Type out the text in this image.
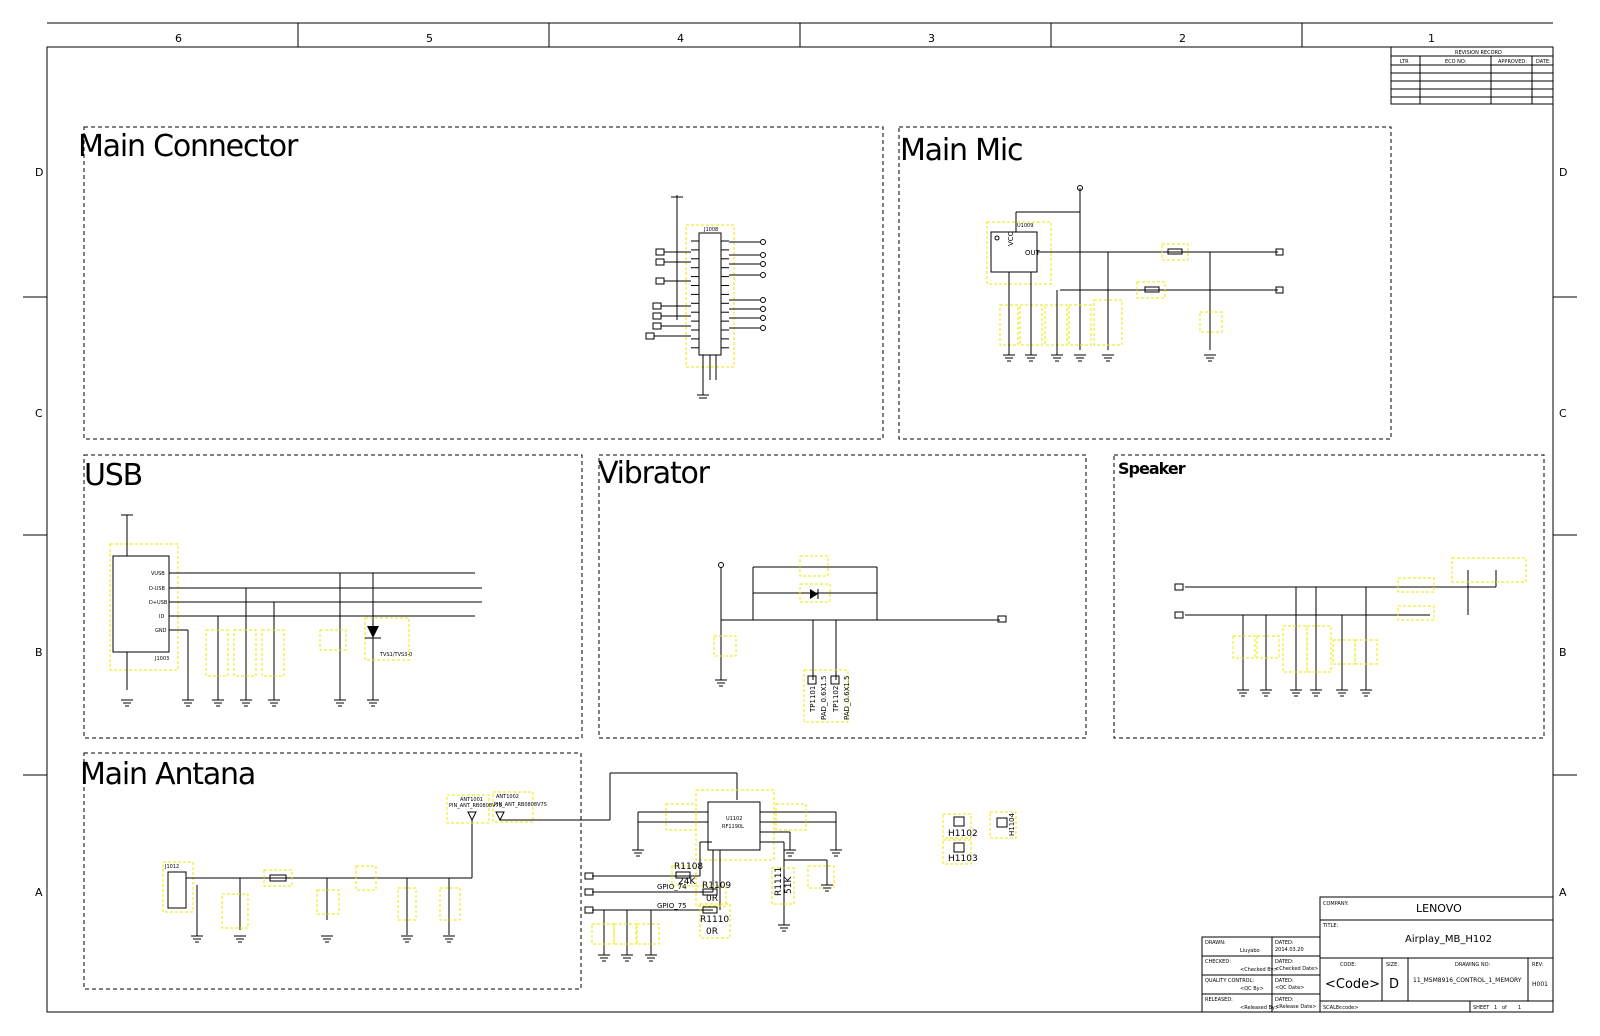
6	5	4	3	2	1
D
C
B
A
D
C
B
A
REVISION RECORD
LTR	ECO NO:	APPROVED: DATE:
Main Connector
J1008
Main Mic
U1009
VCC
OUT
USB
J1003
VUSB
D-USB
D+USB
ID
GND
TVS1/TVS3-0
Vibrator
TP1101 TP1102
PAD_0.6X1.5 PAD_0.6X1.5
Speaker
Main Antana
J1012
ANT1001	ANT1002
PIN_ANT_RB0808V7S
PIN_ANT_RB0808V7S
U1102
RF1190L
R1108
24K R1109
0R
R1110
0R
R1111 51K
GPIO_74
GPIO_75
H1102
H1103
H1104
COMPANY:	LENOVO
TITLE:
Airplay_MB_H102
CODE:
<Code>
SIZE:
D
DRAWING NO:
11_MSM8916_CONTROL_1_MEMORY
REV:
H001
SCALE:
<code>	SHEET 1 of 1
DRAWN:
Liuyabo
DATED:
2014.03.20
CHECKED:
<Checked By>
DATED:
<Checked Date>
QUALITY CONTROL:
<QC By>
DATED:
<QC Date>
RELEASED:
<Released By>
DATED:
<Release Date>
